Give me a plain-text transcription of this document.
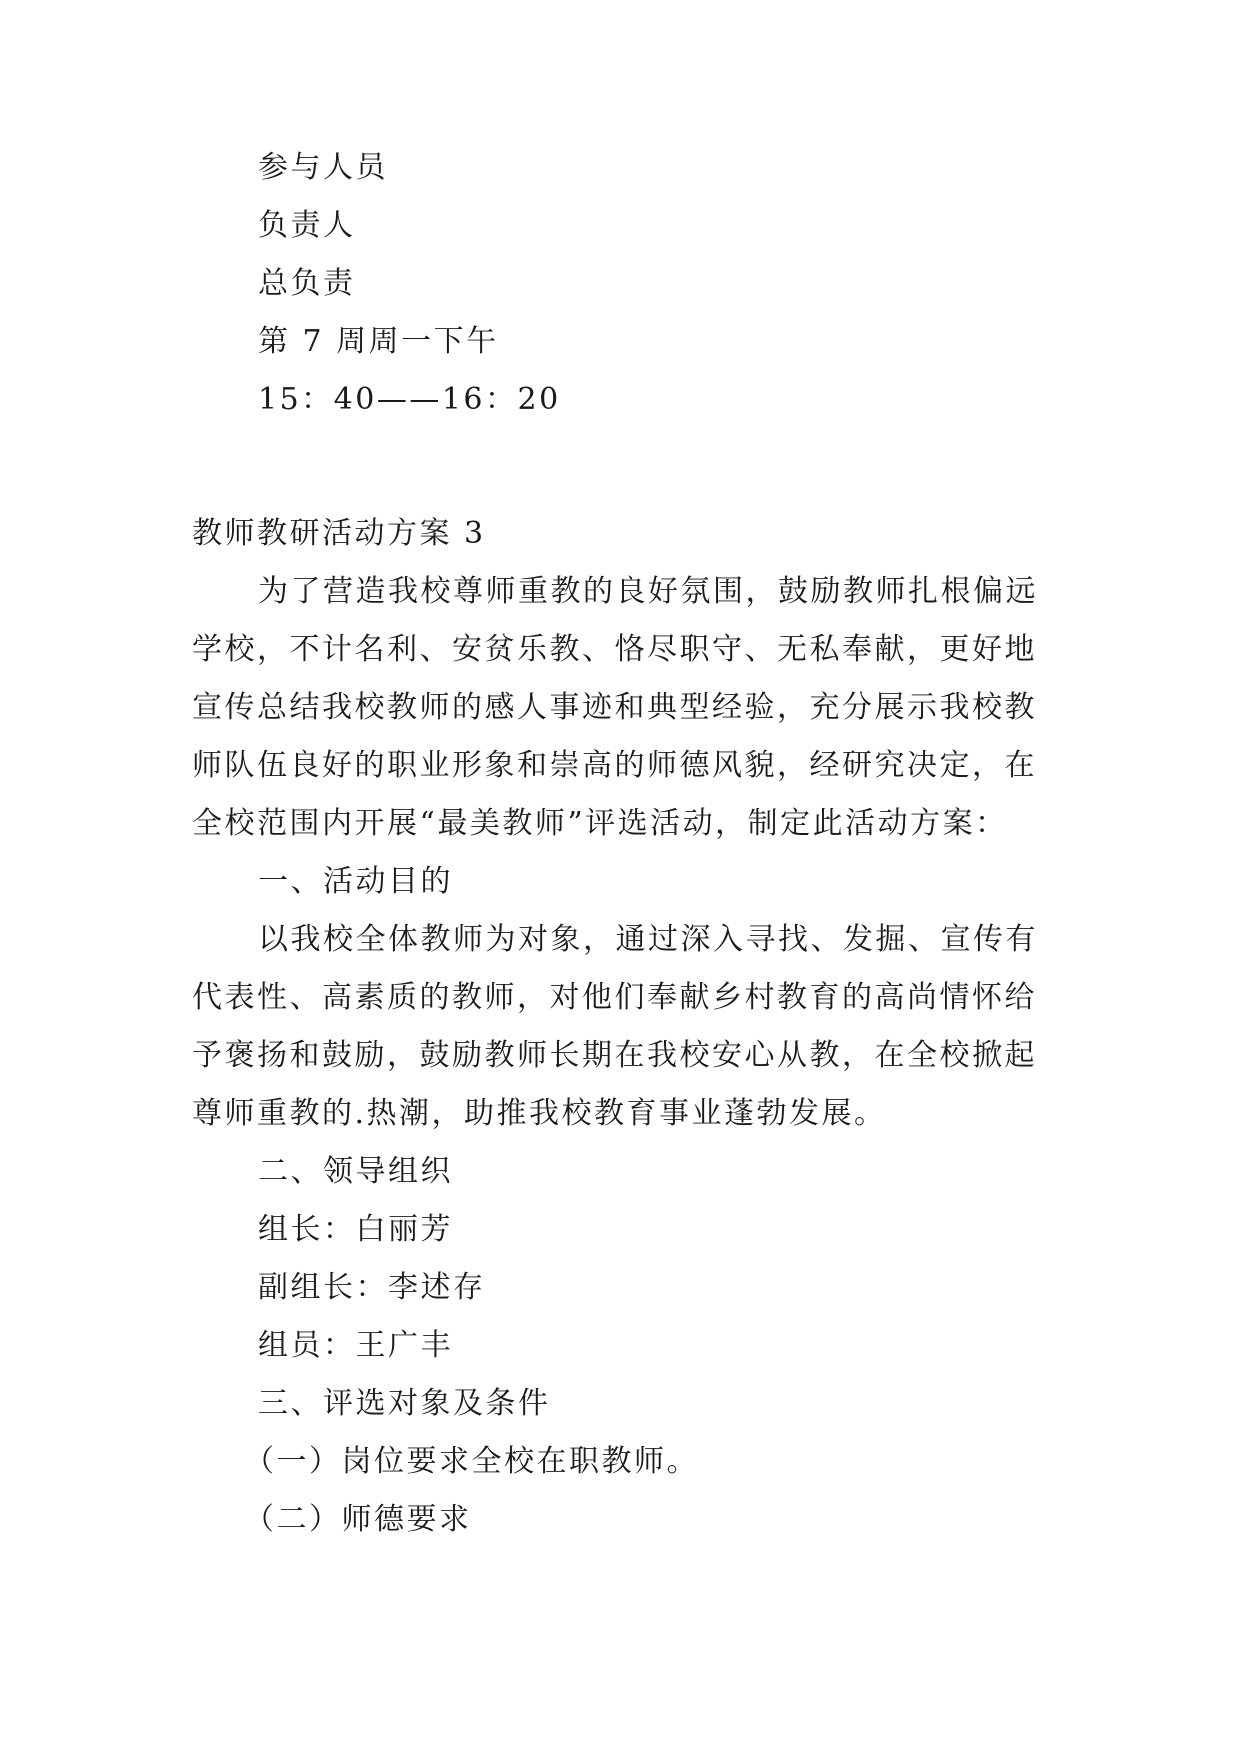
参与人员
负责人
总负责
第 7 周周一下午
15：40——16：20
教师教研活动方案 3
为了营造我校尊师重教的良好氛围，鼓励教师扎根偏远
学校，不计名利、安贫乐教、恪尽职守、无私奉献，更好地
宣传总结我校教师的感人事迹和典型经验，充分展示我校教
师队伍良好的职业形象和崇高的师德风貌，经研究决定，在
全校范围内开展“最美教师”评选活动，制定此活动方案：
一、活动目的
以我校全体教师为对象，通过深入寻找、发掘、宣传有
代表性、高素质的教师，对他们奉献乡村教育的高尚情怀给
予褒扬和鼓励，鼓励教师长期在我校安心从教，在全校掀起
尊师重教的.热潮，助推我校教育事业蓬勃发展。
二、领导组织
组长：白丽芳
副组长：李述存
组员：王广丰
三、评选对象及条件
（一）岗位要求全校在职教师。
（二）师德要求
